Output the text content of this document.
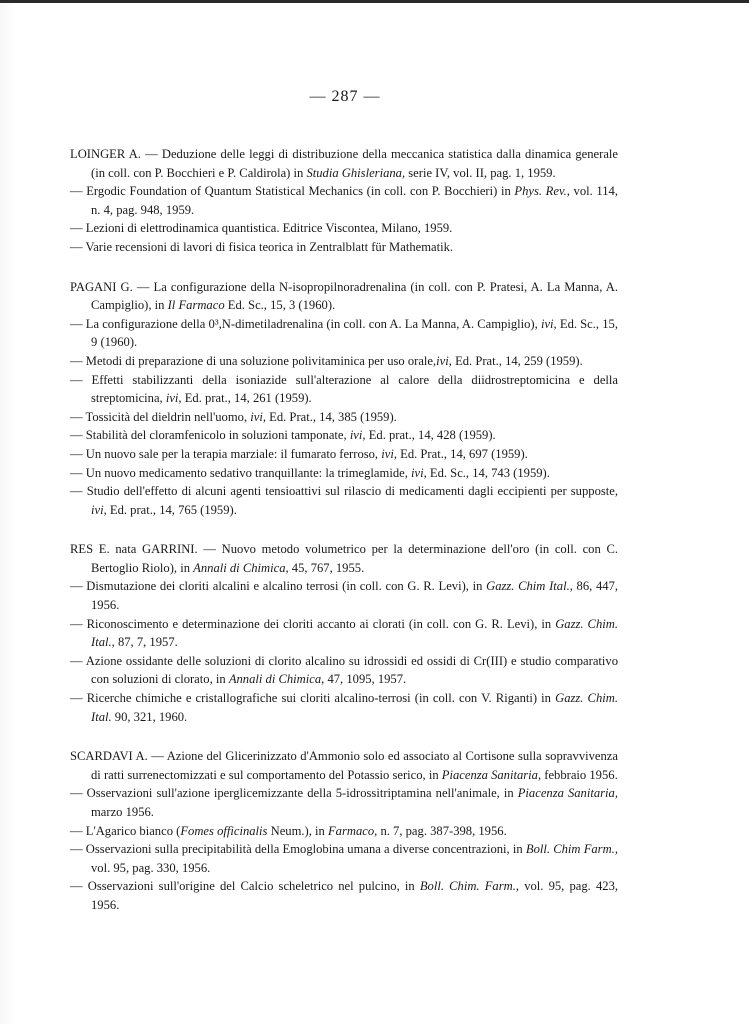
— 287 —
LOINGER A. — Deduzione delle leggi di distribuzione della meccanica statistica dalla dinamica generale (in coll. con P. Bocchieri e P. Caldirola) in Studia Ghisleriana, serie IV, vol. II, pag. 1, 1959.
— Ergodic Foundation of Quantum Statistical Mechanics (in coll. con P. Bocchieri) in Phys. Rev., vol. 114, n. 4, pag. 948, 1959.
— Lezioni di elettrodinamica quantistica. Editrice Viscontea, Milano, 1959.
— Varie recensioni di lavori di fisica teorica in Zentralblatt für Mathematik.
PAGANI G. — La configurazione della N-isopropilnoradrenalina (in coll. con P. Pratesi, A. La Manna, A. Campiglio), in Il Farmaco Ed. Sc., 15, 3 (1960).
— La configurazione della 0³,N-dimetiladrenalina (in coll. con A. La Manna, A. Campiglio), ivi, Ed. Sc., 15, 9 (1960).
— Metodi di preparazione di una soluzione polivitaminica per uso orale,ivi, Ed. Prat., 14, 259 (1959).
— Effetti stabilizzanti della isoniazide sull'alterazione al calore della diidrostreptomicina e della streptomicina, ivi, Ed. prat., 14, 261 (1959).
— Tossicità del dieldrin nell'uomo, ivi, Ed. Prat., 14, 385 (1959).
— Stabilità del cloramfenicolo in soluzioni tamponate, ivi, Ed. prat., 14, 428 (1959).
— Un nuovo sale per la terapia marziale: il fumarato ferroso, ivi, Ed. Prat., 14, 697 (1959).
— Un nuovo medicamento sedativo tranquillante: la trimeglamide, ivi, Ed. Sc., 14, 743 (1959).
— Studio dell'effetto di alcuni agenti tensioattivi sul rilascio di medicamenti dagli eccipienti per supposte, ivi, Ed. prat., 14, 765 (1959).
RES E. nata GARRINI. — Nuovo metodo volumetrico per la determinazione dell'oro (in coll. con C. Bertoglio Riolo), in Annali di Chimica, 45, 767, 1955.
— Dismutazione dei cloriti alcalini e alcalino terrosi (in coll. con G. R. Levi), in Gazz. Chim Ital., 86, 447, 1956.
— Riconoscimento e determinazione dei cloriti accanto ai clorati (in coll. con G. R. Levi), in Gazz. Chim. Ital., 87, 7, 1957.
— Azione ossidante delle soluzioni di clorito alcalino su idrossidi ed ossidi di Cr(III) e studio comparativo con soluzioni di clorato, in Annali di Chimica, 47, 1095, 1957.
— Ricerche chimiche e cristallografiche sui cloriti alcalino-terrosi (in coll. con V. Riganti) in Gazz. Chim. Ital. 90, 321, 1960.
SCARDAVI A. — Azione del Glicerinizzato d'Ammonio solo ed associato al Cortisone sulla sopravvivenza di ratti surrenectomizzati e sul comportamento del Potassio serico, in Piacenza Sanitaria, febbraio 1956.
— Osservazioni sull'azione iperglicemizzante della 5-idrossitriptamina nell'animale, in Piacenza Sanitaria, marzo 1956.
— L'Agarico bianco (Fomes officinalis Neum.), in Farmaco, n. 7, pag. 387-398, 1956.
— Osservazioni sulla precipitabilità della Emoglobina umana a diverse concentrazioni, in Boll. Chim Farm., vol. 95, pag. 330, 1956.
— Osservazioni sull'origine del Calcio scheletrico nel pulcino, in Boll. Chim. Farm., vol. 95, pag. 423, 1956.
